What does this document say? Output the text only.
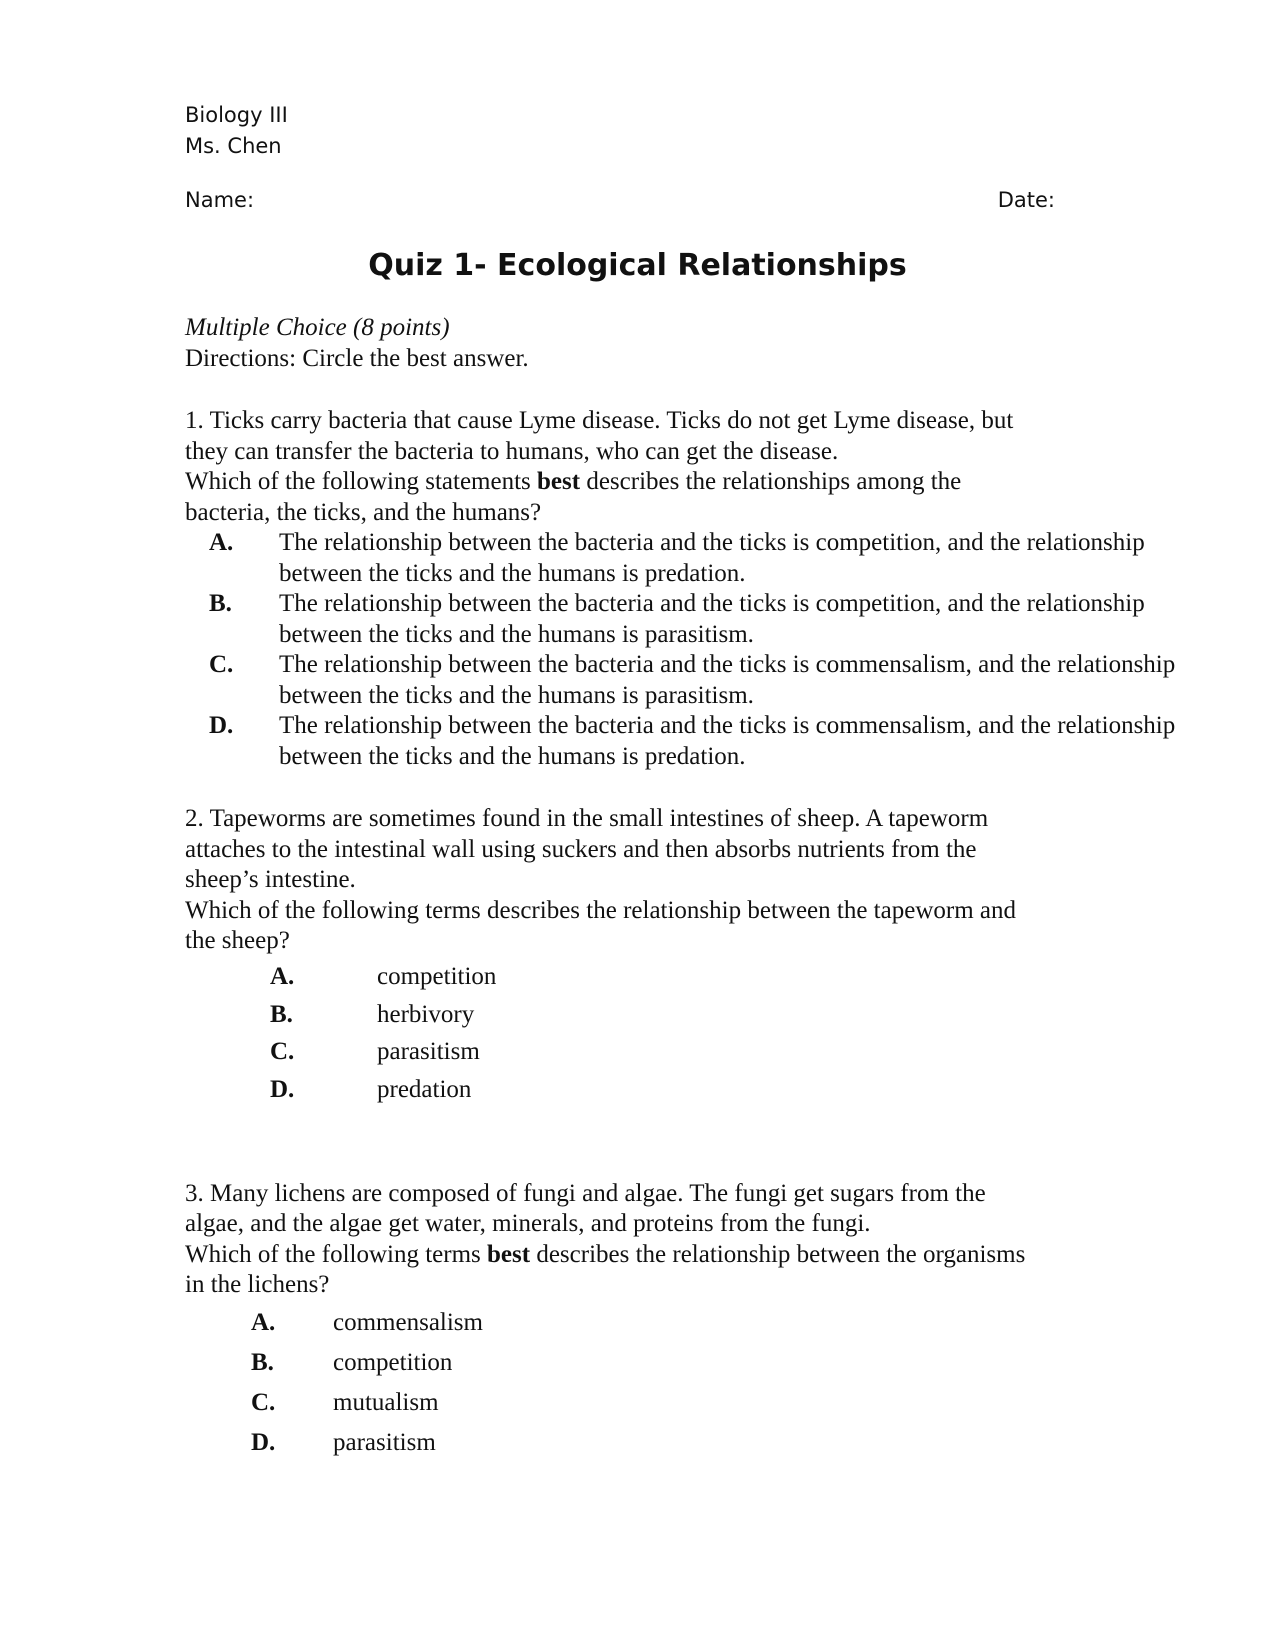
Biology III
Ms. Chen
Name:	Date:
Quiz 1- Ecological Relationships
Multiple Choice (8 points)
Directions: Circle the best answer.
1. Ticks carry bacteria that cause Lyme disease. Ticks do not get Lyme disease, but they can transfer the bacteria to humans, who can get the disease.
Which of the following statements best describes the relationships among the bacteria, the ticks, and the humans?
A.	The relationship between the bacteria and the ticks is competition, and the relationship between the ticks and the humans is predation.
B.	The relationship between the bacteria and the ticks is competition, and the relationship between the ticks and the humans is parasitism.
C.	The relationship between the bacteria and the ticks is commensalism, and the relationship between the ticks and the humans is parasitism.
D.	The relationship between the bacteria and the ticks is commensalism, and the relationship between the ticks and the humans is predation.
2. Tapeworms are sometimes found in the small intestines of sheep. A tapeworm attaches to the intestinal wall using suckers and then absorbs nutrients from the sheep’s intestine.
Which of the following terms describes the relationship between the tapeworm and the sheep?
A.	competition
B.	herbivory
C.	parasitism
D.	predation
3. Many lichens are composed of fungi and algae. The fungi get sugars from the algae, and the algae get water, minerals, and proteins from the fungi.
Which of the following terms best describes the relationship between the organisms in the lichens?
A.	commensalism
B.	competition
C.	mutualism
D.	parasitism
